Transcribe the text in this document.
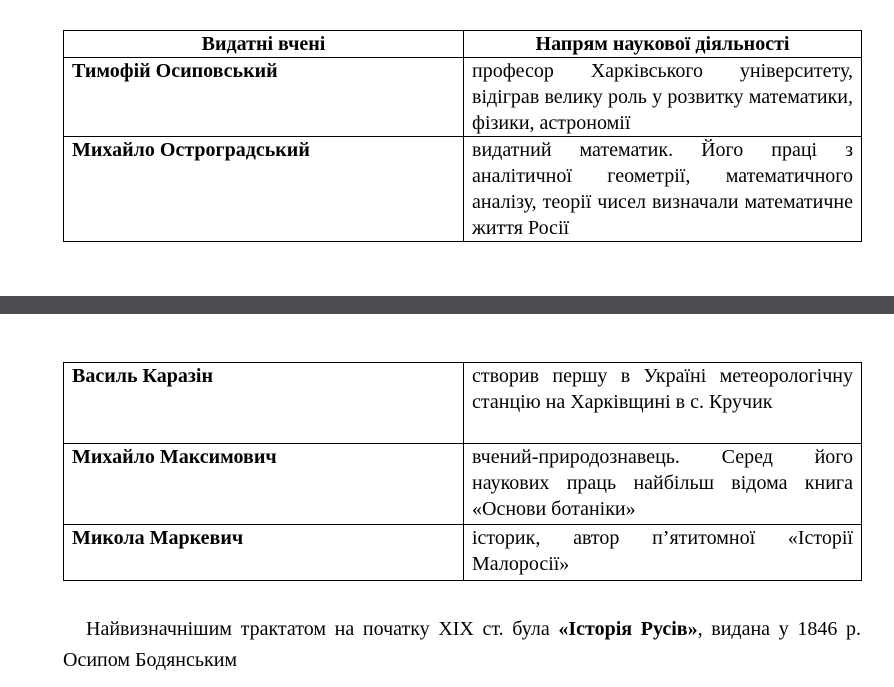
Видатні вчені	Напрям наукової діяльності
Тимофій Осиповський	професор Харківського університету, відіграв велику роль у розвитку математики, фізики, астрономії
Михайло Остроградський	видатний математик. Його праці з аналітичної геометрії, математичного аналізу, теорії чисел визначали математичне життя Росії
Василь Каразін	створив першу в Україні метеорологічну станцію на Харківщині в с. Кручик
Михайло Максимович	вчений-природознавець. Серед його наукових праць найбільш відома книга «Основи ботаніки»
Микола Маркевич	історик, автор п’ятитомної «Історії Малоросії»

Найвизначнішим трактатом на початку XIX ст. була «Історія Русів», видана у 1846 р. Осипом Бодянським
